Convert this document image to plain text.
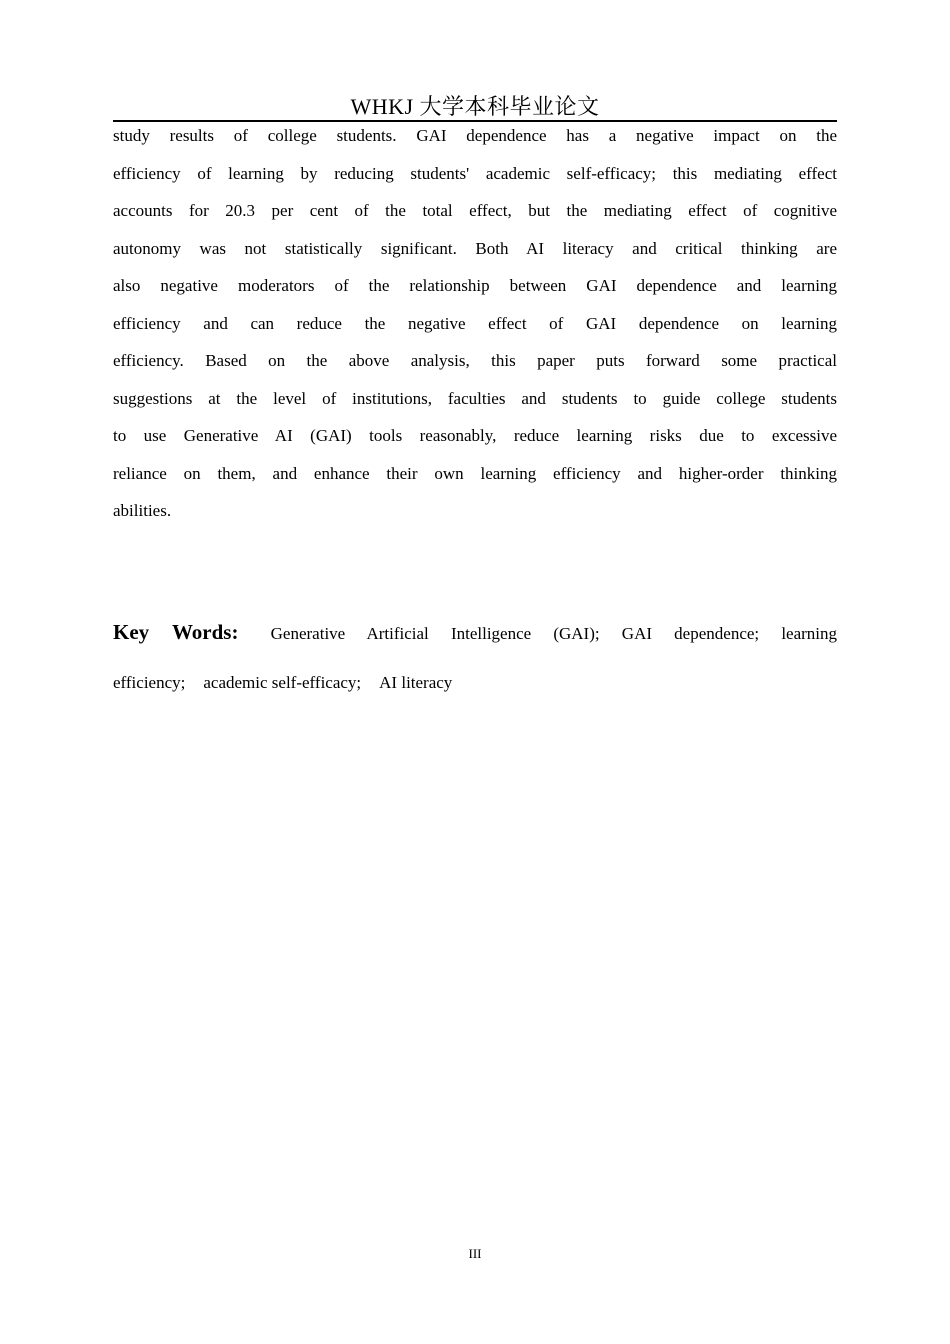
WHKJ 大学本科毕业论文
study results of college students. GAI dependence has a negative impact on the
efficiency of learning by reducing students' academic self-efficacy; this mediating effect
accounts for 20.3 per cent of the total effect, but the mediating effect of cognitive
autonomy was not statistically significant. Both AI literacy and critical thinking are
also negative moderators of the relationship between GAI dependence and learning
efficiency and can reduce the negative effect of GAI dependence on learning
efficiency. Based on the above analysis, this paper puts forward some practical
suggestions at the level of institutions, faculties and students to guide college students
to use Generative AI (GAI) tools reasonably, reduce learning risks due to excessive
reliance on them, and enhance their own learning efficiency and higher-order thinking
abilities.
Key Words: Generative Artificial Intelligence (GAI); GAI dependence; learning
efficiency; academic self-efficacy; AI literacy
III
